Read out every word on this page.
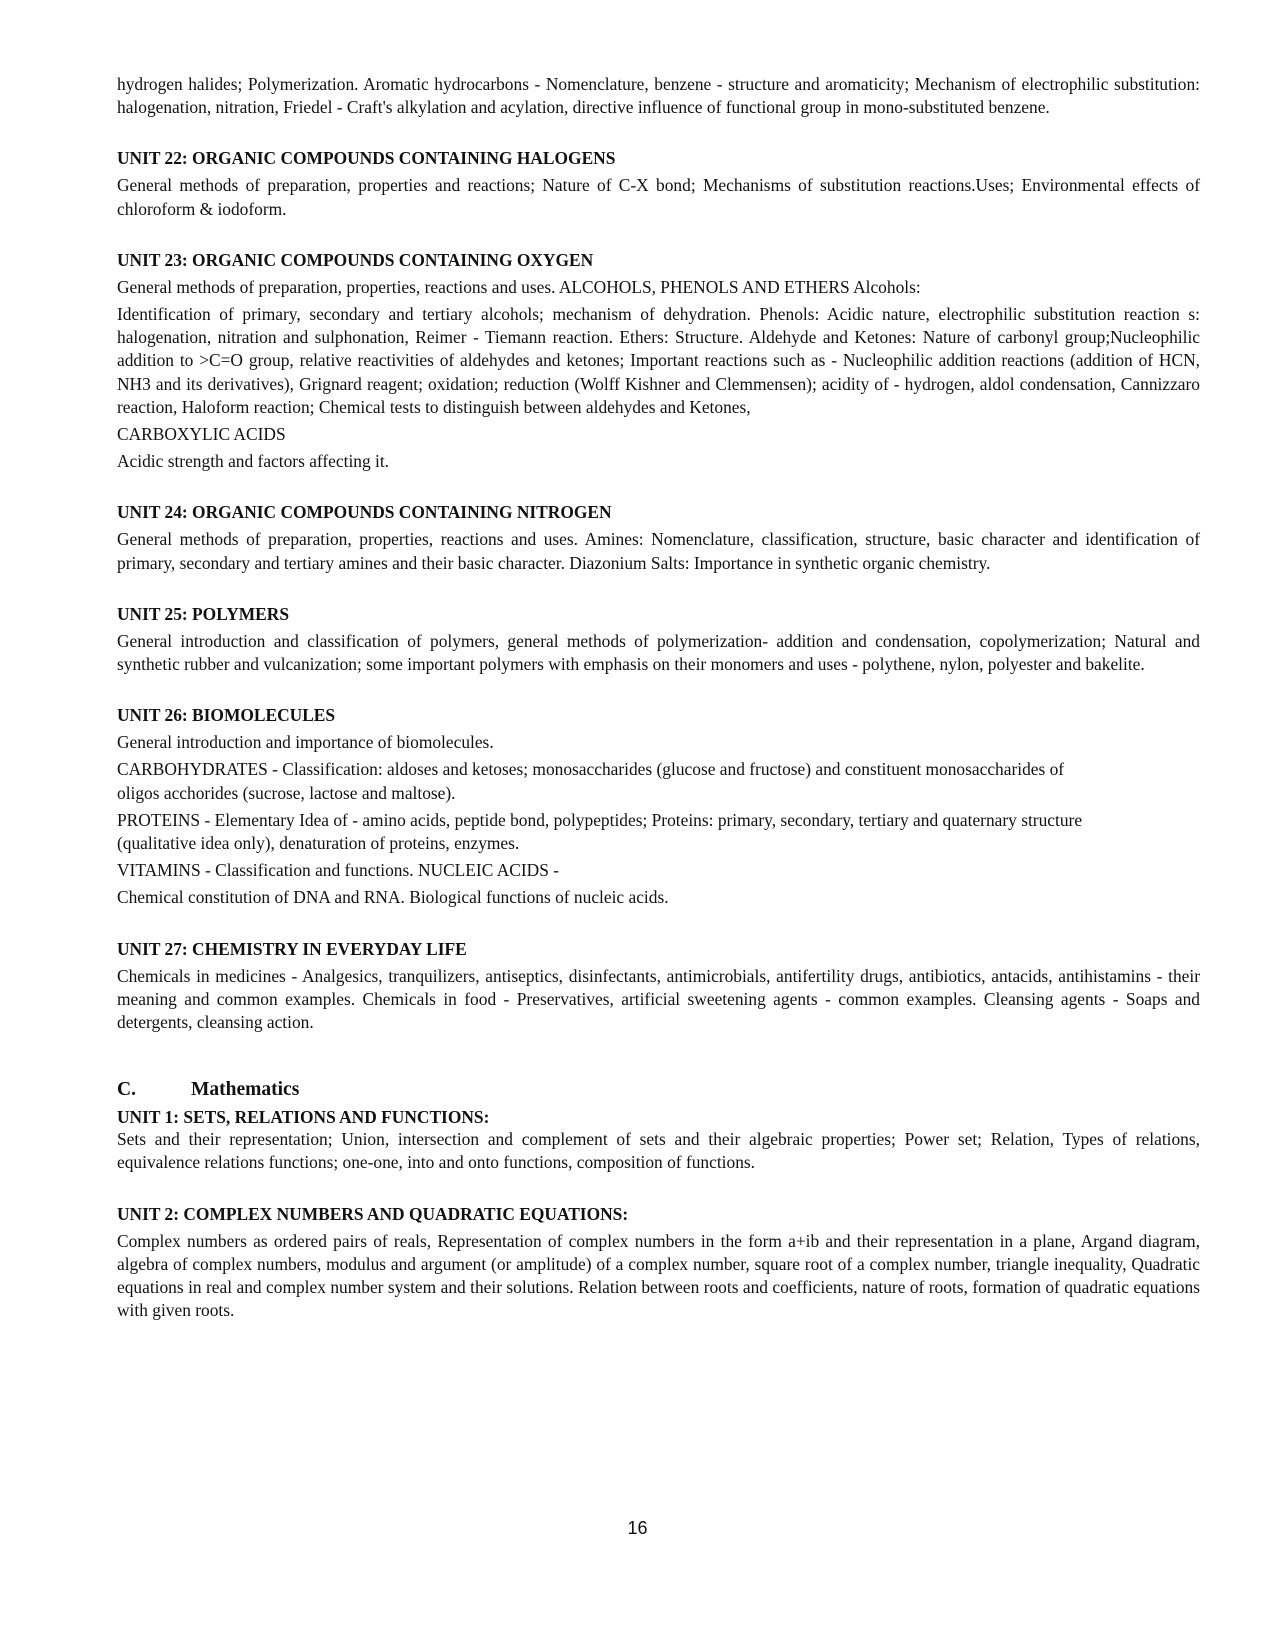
hydrogen halides; Polymerization. Aromatic hydrocarbons - Nomenclature, benzene - structure and aromaticity; Mechanism of electrophilic substitution: halogenation, nitration, Friedel - Craft's alkylation and acylation, directive influence of functional group in mono-substituted benzene.

UNIT 22: ORGANIC COMPOUNDS CONTAINING HALOGENS

General methods of preparation, properties and reactions; Nature of C-X bond; Mechanisms of substitution reactions.Uses; Environmental effects of chloroform & iodoform.

UNIT 23: ORGANIC COMPOUNDS CONTAINING OXYGEN

General methods of preparation, properties, reactions and uses. ALCOHOLS, PHENOLS AND ETHERS Alcohols:

Identification of primary, secondary and tertiary alcohols; mechanism of dehydration. Phenols: Acidic nature, electrophilic substitution reaction s: halogenation, nitration and sulphonation, Reimer - Tiemann reaction. Ethers: Structure. Aldehyde and Ketones: Nature of carbonyl group;Nucleophilic addition to >C=O group, relative reactivities of aldehydes and ketones; Important reactions such as - Nucleophilic addition reactions (addition of HCN, NH3 and its derivatives), Grignard reagent; oxidation; reduction (Wolff Kishner and Clemmensen); acidity of - hydrogen, aldol condensation, Cannizzaro reaction, Haloform reaction; Chemical tests to distinguish between aldehydes and Ketones,

CARBOXYLIC ACIDS

Acidic strength and factors affecting it.

UNIT 24: ORGANIC COMPOUNDS CONTAINING NITROGEN

General methods of preparation, properties, reactions and uses. Amines: Nomenclature, classification, structure, basic character and identification of primary, secondary and tertiary amines and their basic character. Diazonium Salts: Importance in synthetic organic chemistry.

UNIT 25: POLYMERS

General introduction and classification of polymers, general methods of polymerization- addition and condensation, copolymerization; Natural and synthetic rubber and vulcanization; some important polymers with emphasis on their monomers and uses - polythene, nylon, polyester and bakelite.

UNIT 26: BIOMOLECULES

General introduction and importance of biomolecules.

CARBOHYDRATES - Classification: aldoses and ketoses; monosaccharides (glucose and fructose) and constituent monosaccharides of oligos acchorides (sucrose, lactose and maltose).

PROTEINS - Elementary Idea of - amino acids, peptide bond, polypeptides; Proteins: primary, secondary, tertiary and quaternary structure (qualitative idea only), denaturation of proteins, enzymes.

VITAMINS - Classification and functions. NUCLEIC ACIDS -

Chemical constitution of DNA and RNA. Biological functions of nucleic acids.

UNIT 27: CHEMISTRY IN EVERYDAY LIFE

Chemicals in medicines - Analgesics, tranquilizers, antiseptics, disinfectants, antimicrobials, antifertility drugs, antibiotics, antacids, antihistamins - their meaning and common examples. Chemicals in food - Preservatives, artificial sweetening agents - common examples. Cleansing agents - Soaps and detergents, cleansing action.

C.	Mathematics
UNIT 1: SETS, RELATIONS AND FUNCTIONS:

Sets and their representation; Union, intersection and complement of sets and their algebraic properties; Power set; Relation, Types of relations, equivalence relations functions; one-one, into and onto functions, composition of functions.

UNIT 2: COMPLEX NUMBERS AND QUADRATIC EQUATIONS:

Complex numbers as ordered pairs of reals, Representation of complex numbers in the form a+ib and their representation in a plane, Argand diagram, algebra of complex numbers, modulus and argument (or amplitude) of a complex number, square root of a complex number, triangle inequality, Quadratic equations in real and complex number system and their solutions. Relation between roots and coefficients, nature of roots, formation of quadratic equations with given roots.

16
